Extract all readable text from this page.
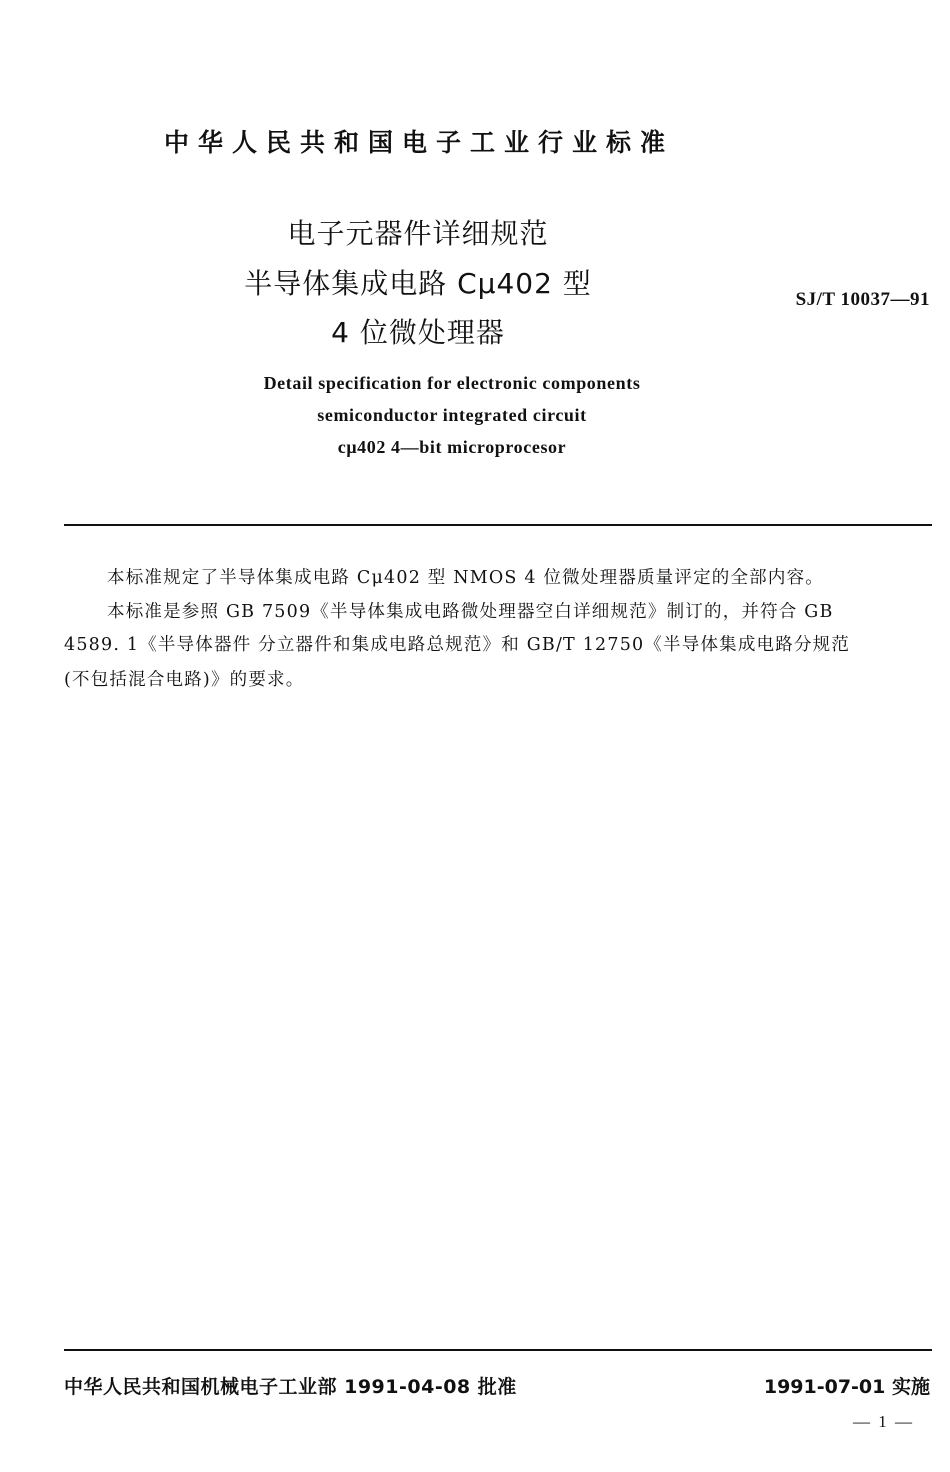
中华人民共和国电子工业行业标准
电子元器件详细规范
半导体集成电路 Cμ402 型
4 位微处理器
SJ/T 10037—91
Detail specification for electronic components
semiconductor integrated circuit
cμ402 4—bit microprocesor
本标准规定了半导体集成电路 Cμ402 型 NMOS 4 位微处理器质量评定的全部内容。
本标准是参照 GB 7509《半导体集成电路微处理器空白详细规范》制订的，并符合 GB
4589. 1《半导体器件 分立器件和集成电路总规范》和 GB/T 12750《半导体集成电路分规范
(不包括混合电路)》的要求。
中华人民共和国机械电子工业部 1991-04-08 批准	1991-07-01 实施
— 1 —
